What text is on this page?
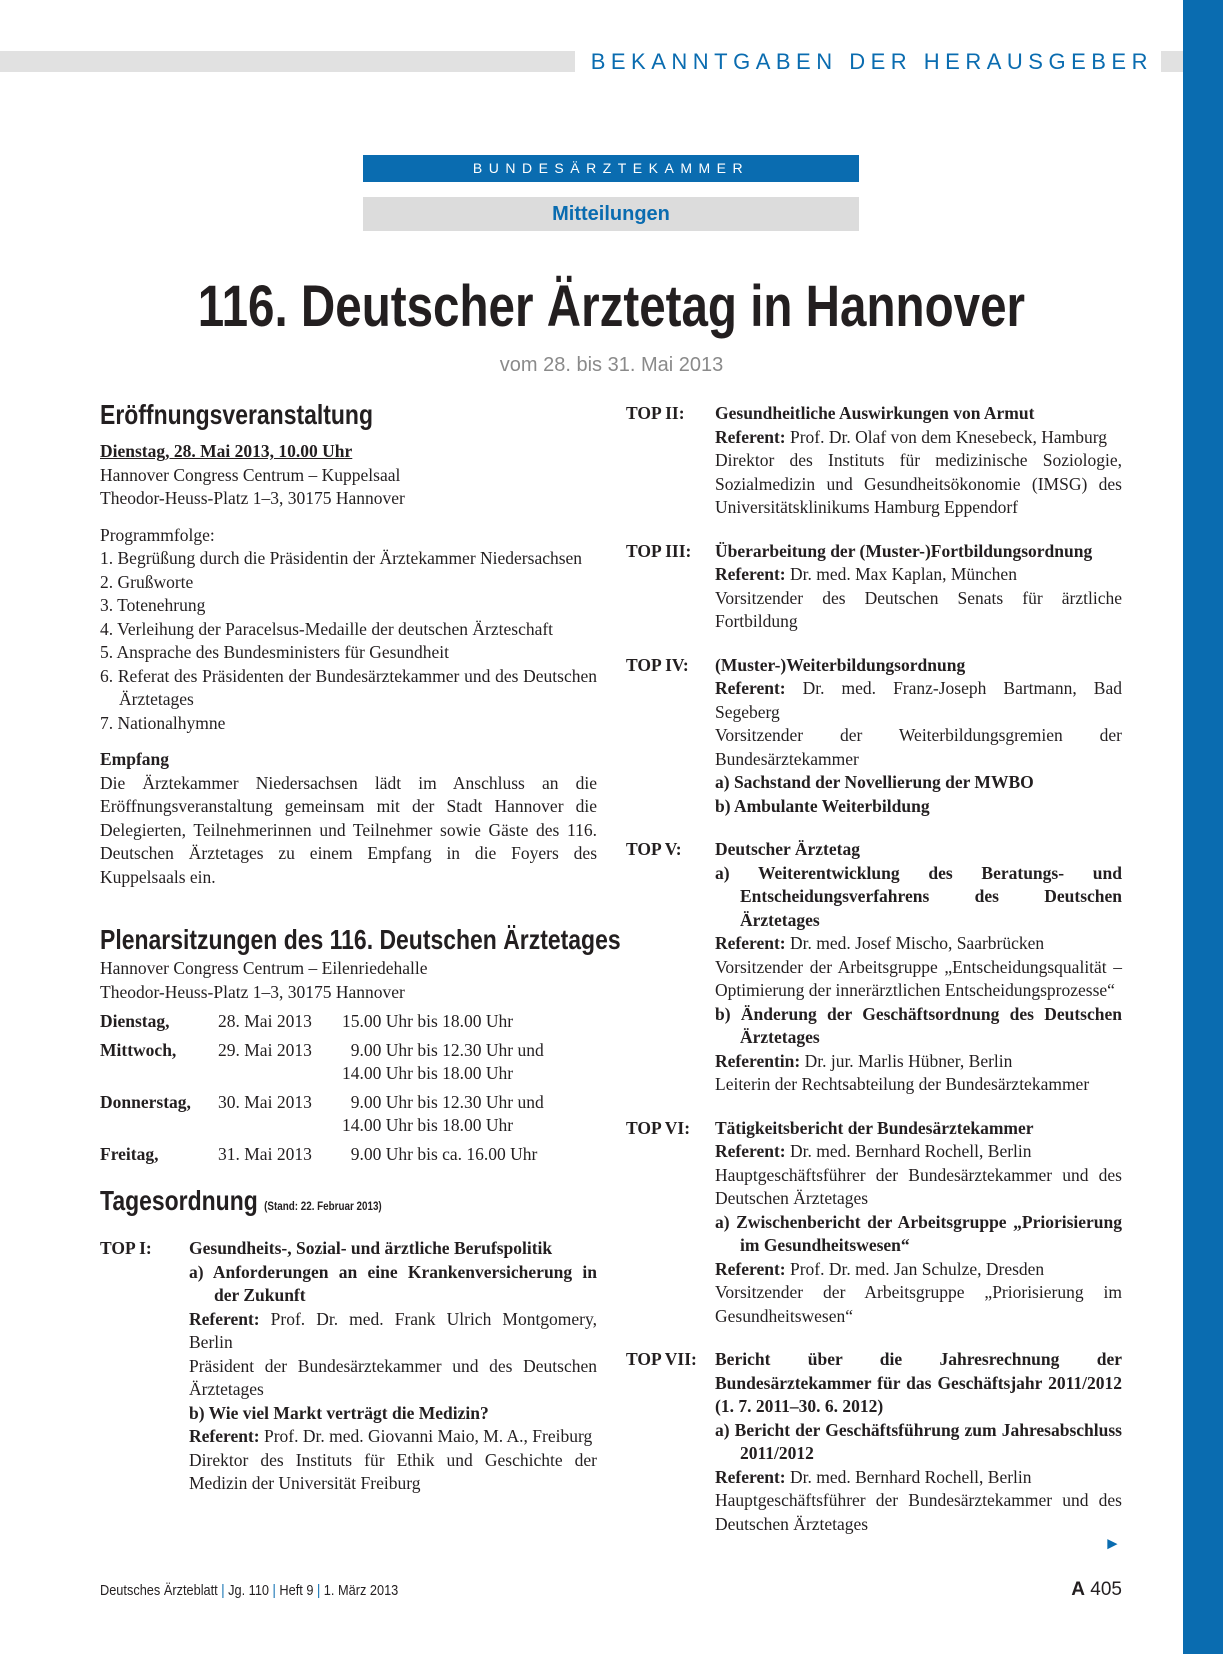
BEKANNTGABEN DER HERAUSGEBER
BUNDESÄRZTEKAMMER
Mitteilungen
116. Deutscher Ärztetag in Hannover
vom 28. bis 31. Mai 2013
Eröffnungsveranstaltung

Dienstag, 28. Mai 2013, 10.00 Uhr

Hannover Congress Centrum – Kuppelsaal

Theodor-Heuss-Platz 1–3, 30175 Hannover

Programmfolge:

1. Begrüßung durch die Präsidentin der Ärztekammer Niedersachsen
2. Grußworte
3. Totenehrung
4. Verleihung der Paracelsus-Medaille der deutschen Ärzteschaft
5. Ansprache des Bundesministers für Gesundheit
6. Referat des Präsidenten der Bundesärztekammer und des Deutschen Ärztetages
7. Nationalhymne

Empfang

Die Ärztekammer Niedersachsen lädt im Anschluss an die Eröffnungsveranstaltung gemeinsam mit der Stadt Hannover die Delegierten, Teilnehmerinnen und Teilnehmer sowie Gäste des 116. Deutschen Ärztetages zu einem Empfang in die Foyers des Kuppelsaals ein.

Plenarsitzungen des 116. Deutschen Ärztetages

Hannover Congress Centrum – Eilenriedehalle

Theodor-Heuss-Platz 1–3, 30175 Hannover

Dienstag,	28. Mai 2013	15.00 Uhr bis 18.00 Uhr

Mittwoch,	29. Mai 2013	9.00 Uhr bis 12.30 Uhr und
14.00 Uhr bis 18.00 Uhr

Donnerstag,	30. Mai 2013	9.00 Uhr bis 12.30 Uhr und
14.00 Uhr bis 18.00 Uhr

Freitag,	31. Mai 2013	9.00 Uhr bis ca. 16.00 Uhr
Tagesordnung (Stand: 22. Februar 2013)
TOP I:	Gesundheits-, Sozial- und ärztliche Berufspolitik

a) Anforderungen an eine Krankenversicherung in der Zukunft

Referent: Prof. Dr. med. Frank Ulrich Montgomery, Berlin

Präsident der Bundesärztekammer und des Deutschen Ärztetages

b) Wie viel Markt verträgt die Medizin?

Referent: Prof. Dr. med. Giovanni Maio, M. A., Freiburg

Direktor des Instituts für Ethik und Geschichte der Medizin der Universität Freiburg

TOP II:	Gesundheitliche Auswirkungen von Armut

Referent: Prof. Dr. Olaf von dem Knesebeck, Hamburg

Direktor des Instituts für medizinische Soziologie, Sozialmedizin und Gesundheitsökonomie (IMSG) des Universitätsklinikums Hamburg Eppendorf

TOP III:	Überarbeitung der (Muster-)Fortbildungsordnung

Referent: Dr. med. Max Kaplan, München

Vorsitzender des Deutschen Senats für ärztliche Fortbildung

TOP IV:	(Muster-)Weiterbildungsordnung

Referent: Dr. med. Franz-Joseph Bartmann, Bad Segeberg

Vorsitzender der Weiterbildungsgremien der Bundesärztekammer

a) Sachstand der Novellierung der MWBO

b) Ambulante Weiterbildung

TOP V:	Deutscher Ärztetag

a) Weiterentwicklung des Beratungs- und Entscheidungsverfahrens des Deutschen Ärztetages

Referent: Dr. med. Josef Mischo, Saarbrücken

Vorsitzender der Arbeitsgruppe „Entscheidungsqualität – Optimierung der innerärztlichen Entscheidungsprozesse“

b) Änderung der Geschäftsordnung des Deutschen Ärztetages

Referentin: Dr. jur. Marlis Hübner, Berlin

Leiterin der Rechtsabteilung der Bundesärztekammer

TOP VI:	Tätigkeitsbericht der Bundesärztekammer

Referent: Dr. med. Bernhard Rochell, Berlin

Hauptgeschäftsführer der Bundesärztekammer und des Deutschen Ärztetages

a) Zwischenbericht der Arbeitsgruppe „Priorisierung im Gesundheitswesen“

Referent: Prof. Dr. med. Jan Schulze, Dresden

Vorsitzender der Arbeitsgruppe „Priorisierung im Gesundheitswesen“

TOP VII:	Bericht über die Jahresrechnung der Bundesärztekammer für das Geschäftsjahr 2011/2012 (1. 7. 2011–30. 6. 2012)

a) Bericht der Geschäftsführung zum Jahresabschluss 2011/2012

Referent: Dr. med. Bernhard Rochell, Berlin

Hauptgeschäftsführer der Bundesärztekammer und des Deutschen Ärztetages

►
Deutsches Ärzteblatt | Jg. 110 | Heft 9 | 1. März 2013	A 405
